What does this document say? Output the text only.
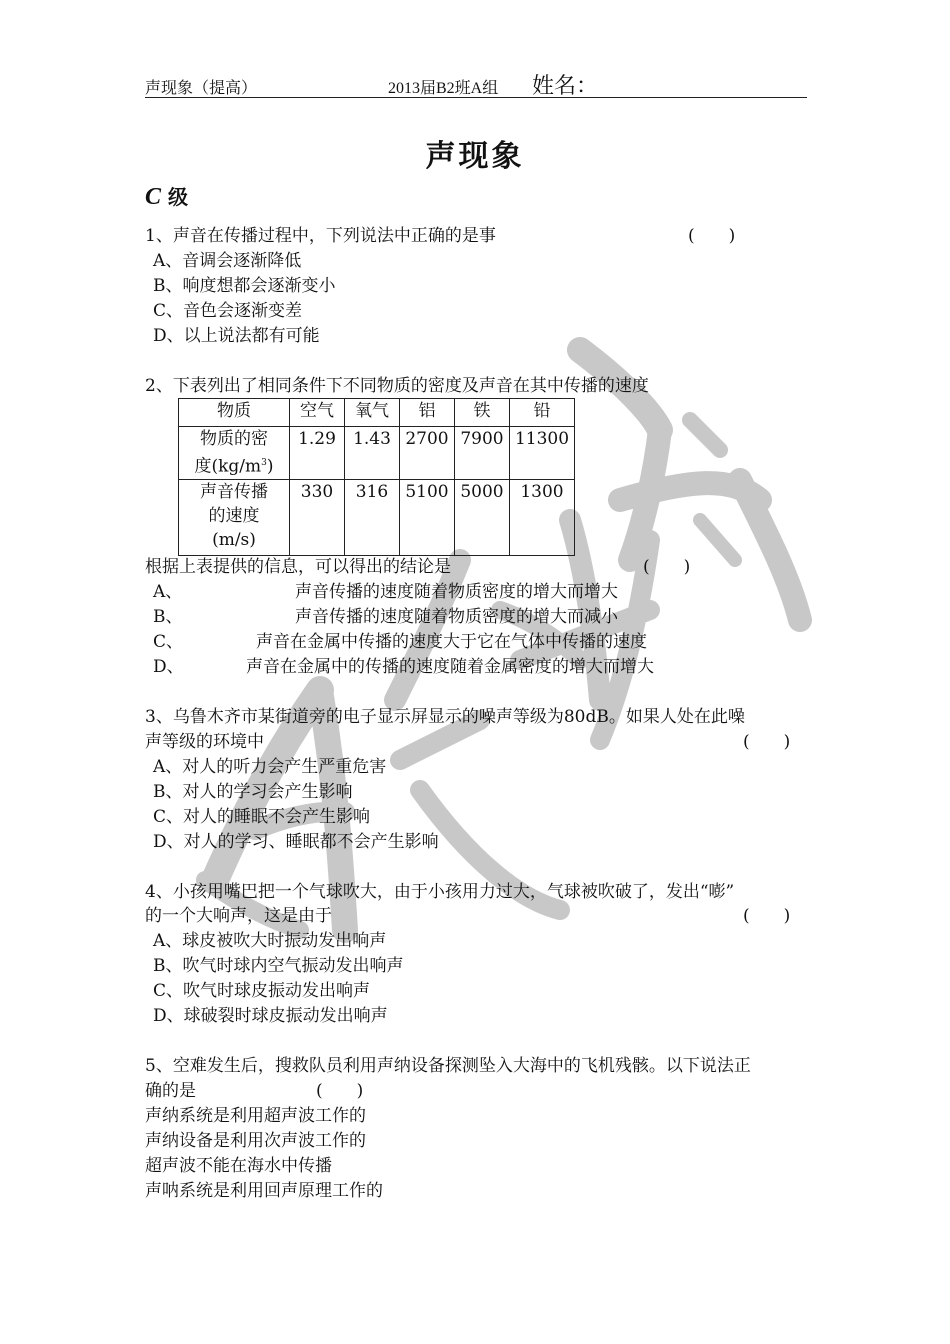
声现象（提高）	2013届B2班A组 姓名：
声现象
C 级
1、声音在传播过程中，下列说法中正确的是事	(　　)
A、音调会逐渐降低
B、响度想都会逐渐变小
C、音色会逐渐变差
D、以上说法都有可能
2、下表列出了相同条件下不同物质的密度及声音在其中传播的速度
物质	空气	氧气	铝	铁	铅

物质的密
度$(kg/m^3)$	1.29	1.43	2700	7900	11300

声音传播
的速度
(m/s)	330	316	5100	5000	1300
根据上表提供的信息，可以得出的结论是	(　　)
A、	声音传播的速度随着物质密度的增大而增大
B、	声音传播的速度随着物质密度的增大而减小
C、	声音在金属中传播的速度大于它在气体中传播的速度
D、	声音在金属中的传播的速度随着金属密度的增大而增大
3、乌鲁木齐市某街道旁的电子显示屏显示的噪声等级为80dB。如果人处在此噪
声等级的环境中	(　　)
A、对人的听力会产生严重危害
B、对人的学习会产生影响
C、对人的睡眠不会产生影响
D、对人的学习、睡眠都不会产生影响
4、小孩用嘴巴把一个气球吹大，由于小孩用力过大，气球被吹破了，发出“嘭”
的一个大响声，这是由于	(　　)
A、球皮被吹大时振动发出响声
B、吹气时球内空气振动发出响声
C、吹气时球皮振动发出响声
D、球破裂时球皮振动发出响声
5、空难发生后，搜救队员利用声纳设备探测坠入大海中的飞机残骸。以下说法正
确的是	(　　)
声纳系统是利用超声波工作的
声纳设备是利用次声波工作的
超声波不能在海水中传播
声呐系统是利用回声原理工作的
